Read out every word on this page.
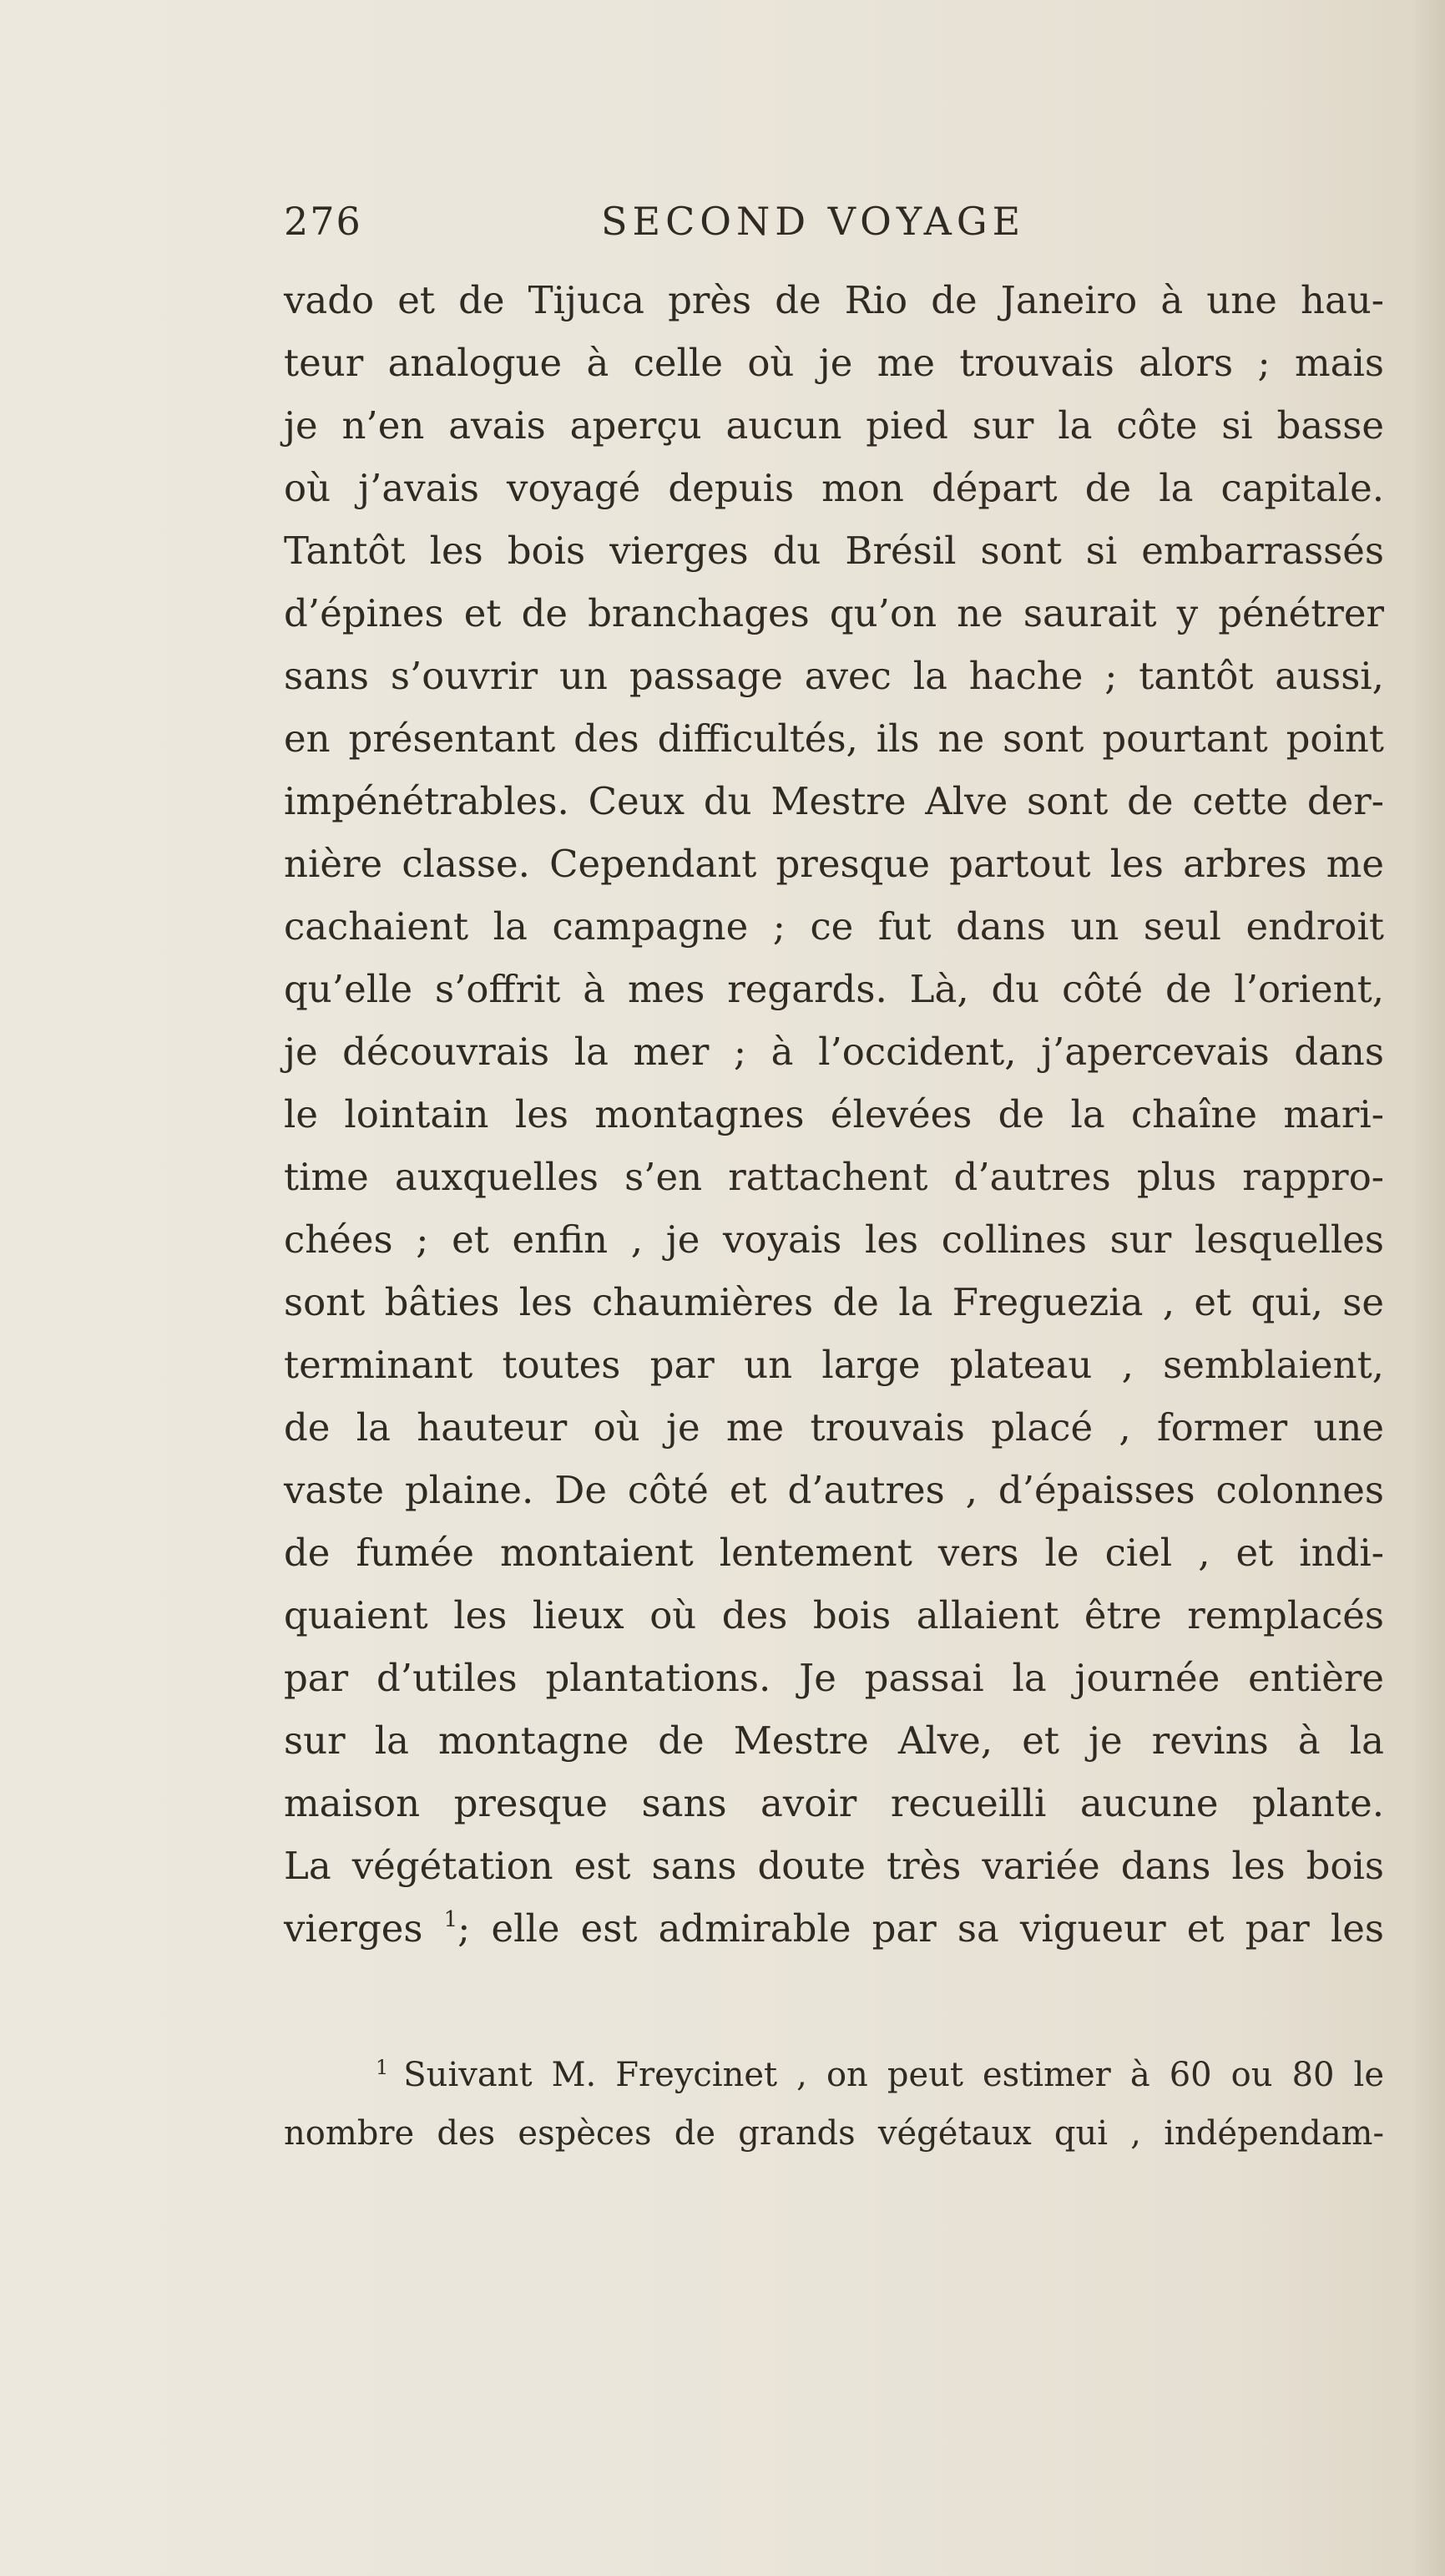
276	SECOND VOYAGE
vado et de Tijuca près de Rio de Janeiro à une hau-
teur analogue à celle où je me trouvais alors ; mais
je n’en avais aperçu aucun pied sur la côte si basse
où j’avais voyagé depuis mon départ de la capitale.
Tantôt les bois vierges du Brésil sont si embarrassés
d’épines et de branchages qu’on ne saurait y pénétrer
sans s’ouvrir un passage avec la hache ; tantôt aussi,
en présentant des difficultés, ils ne sont pourtant point
impénétrables. Ceux du Mestre Alve sont de cette der-
nière classe. Cependant presque partout les arbres me
cachaient la campagne ; ce fut dans un seul endroit
qu’elle s’offrit à mes regards. Là, du côté de l’orient,
je découvrais la mer ; à l’occident, j’apercevais dans
le lointain les montagnes élevées de la chaîne mari-
time auxquelles s’en rattachent d’autres plus rappro-
chées ; et enfin , je voyais les collines sur lesquelles
sont bâties les chaumières de la Freguezia , et qui, se
terminant toutes par un large plateau , semblaient,
de la hauteur où je me trouvais placé , former une
vaste plaine. De côté et d’autres , d’épaisses colonnes
de fumée montaient lentement vers le ciel , et indi-
quaient les lieux où des bois allaient être remplacés
par d’utiles plantations. Je passai la journée entière
sur la montagne de Mestre Alve, et je revins à la
maison presque sans avoir recueilli aucune plante.
La végétation est sans doute très variée dans les bois
vierges $^1$; elle est admirable par sa vigueur et par les
$^1$ Suivant M. Freycinet , on peut estimer à 60 ou 80 le
nombre des espèces de grands végétaux qui , indépendam-
